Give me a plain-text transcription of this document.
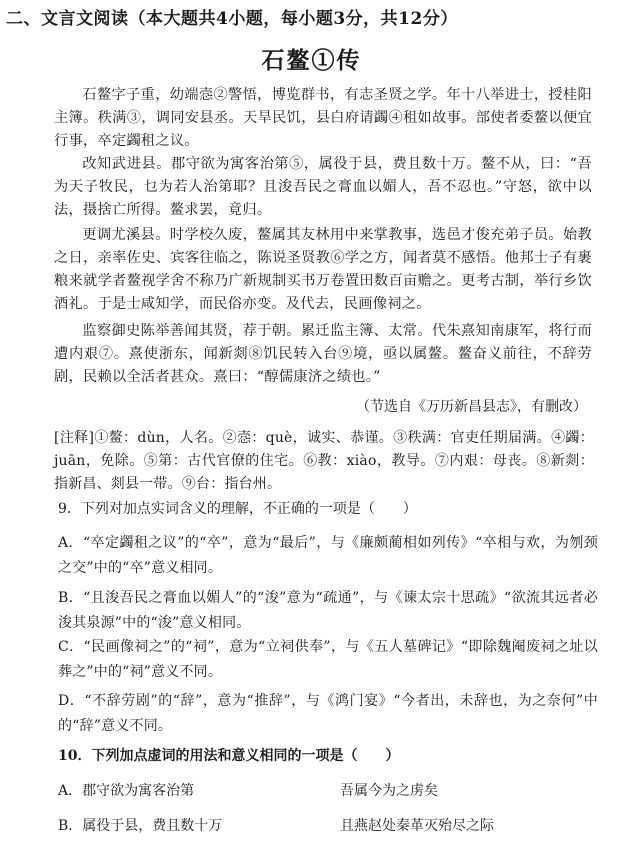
二、文言文阅读（本大题共4小题，每小题3分，共12分）
石鳌①传
石鳌字子重，幼端悫②警悟，博览群书，有志圣贤之学。年十八举进士，授桂阳主簿。秩满③，调同安县丞。天旱民饥，县白府请蠲④租如故事。部使者委鳌以便宜行事，卒定蠲租之议。
改知武进县。郡守欲为寓客治第⑤，属役于县，费且数十万。鳌不从，曰：“吾为天子牧民，乜为若人治第耶？且浚吾民之膏血以媚人，吾不忍也。”守怒，欲中以法，摄捨亡所得。鳌求罢，竟归。
更调尤溪县。时学校久废，鳌属其友林用中来掌教事，选邑才俊充弟子员。始教之日，亲率佐史、宾客往临之，陈说圣贤教⑥学之方，闻者莫不感悟。他邦士子有裹粮来就学者鳌视学舍不称乃广新规制买书万卷置田数百亩赡之。更考古制，举行乡饮酒礼。于是士咸知学，而民俗亦变。及代去，民画像祠之。
监察御史陈举善闻其贤，荐于朝。累迁监主簿、太常。代朱熹知南康军，将行而遭内艰⑦。熹使浙东，闻新剡⑧饥民转入台⑨境，亟以属鳌。鳌奋义前往，不辞劳剧，民赖以全活者甚众。熹曰：“醇儒康济之绩也。”
（节选自《万历新昌县志》，有删改）
[注释]①鳌：dùn，人名。②悫：què，诚实、恭谨。③秩满：官吏任期届满。④蠲：juān，免除。⑤第：古代官僚的住宅。⑥教：xiào，教导。⑦内艰：母丧。⑧新剡：指新昌、剡县一带。⑨台：指台州。
9．下列对加点实词含义的理解，不正确的一项是（　　）
A．“卒定蠲租之议”的“卒”，意为“最后”，与《廉颇蔺相如列传》“卒相与欢，为刎颈之交”中的“卒”意义相同。
B．“且浚吾民之膏血以媚人”的“浚”意为“疏通”，与《谏太宗十思疏》“欲流其远者必浚其泉源”中的“浚”意义相同。
C．“民画像祠之”的“祠”，意为“立祠供奉”，与《五人墓碑记》“即除魏阉废祠之址以葬之”中的“祠”意义不同。
D．“不辞劳剧”的“辞”，意为“推辞”，与《鸿门宴》“今者出，未辞也，为之奈何”中的“辞”意义不同。
10．下列加点虚词的用法和意义相同的一项是（　　）
A．郡守欲为寓客治第	吾属今为之虏矣
B．属役于县，费且数十万	且燕赵处秦革灭殆尽之际
